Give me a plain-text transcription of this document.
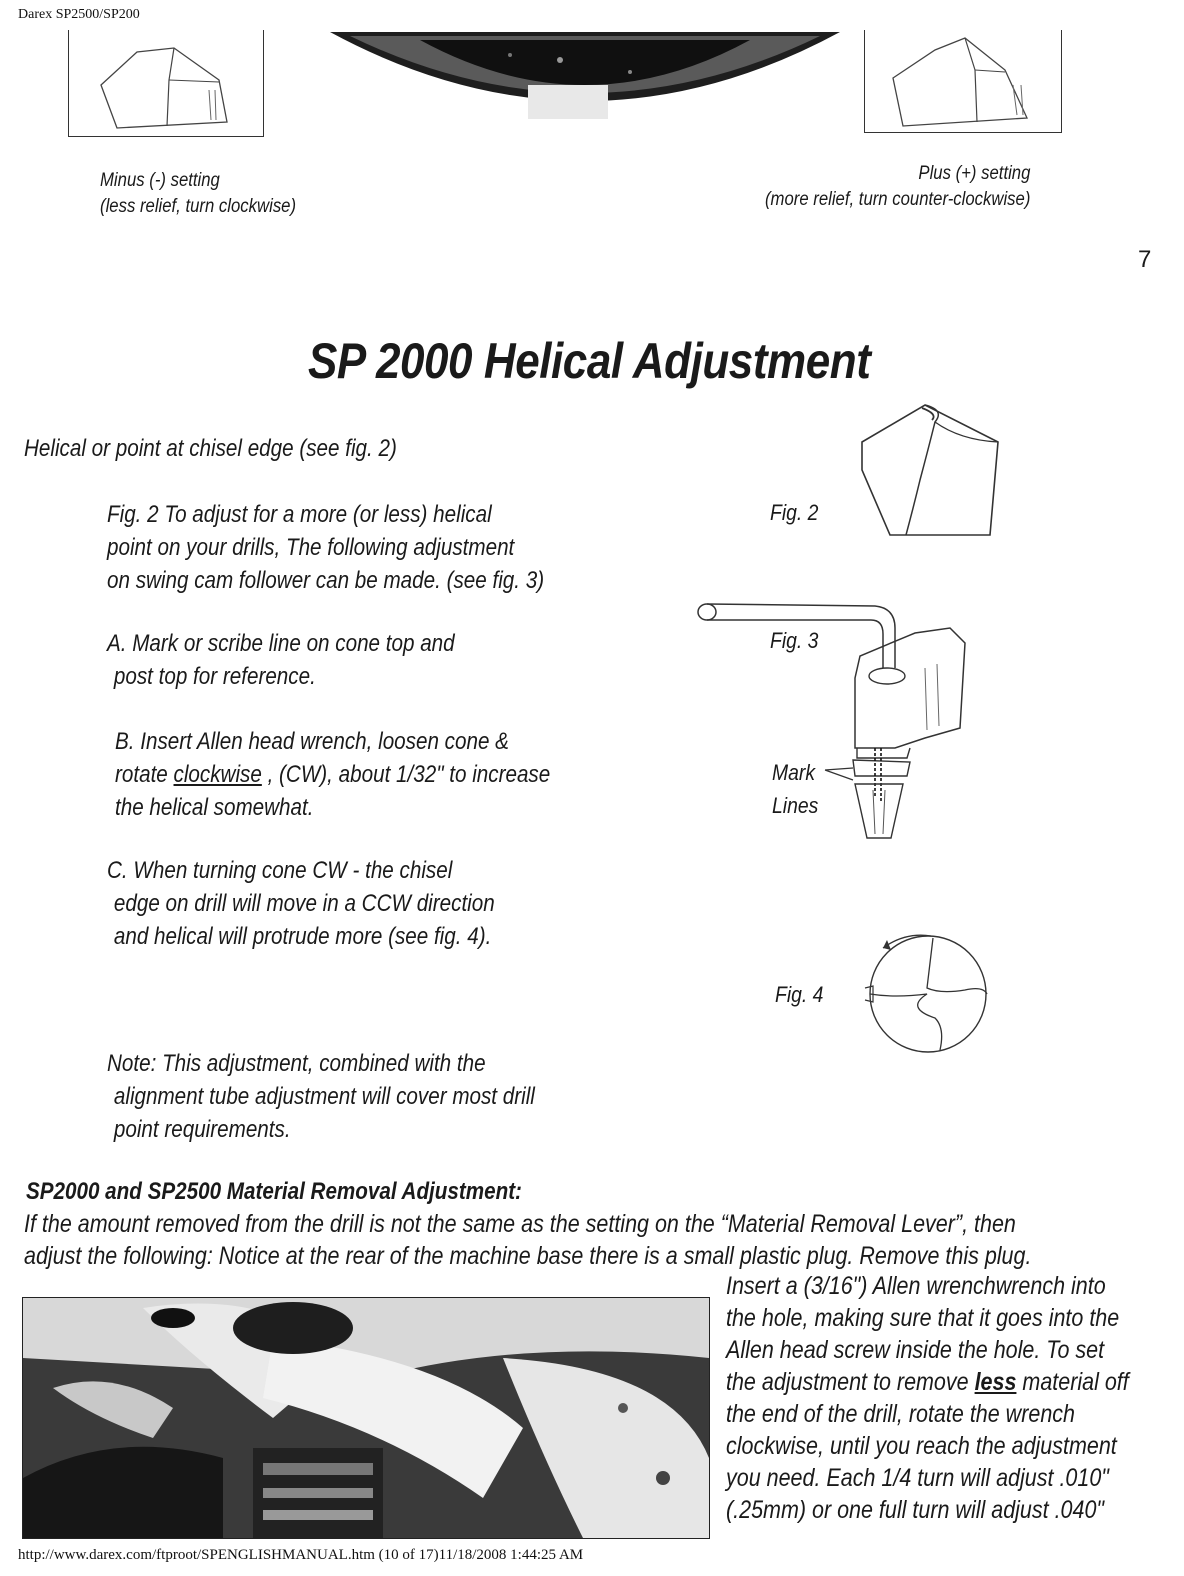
Darex SP2500/SP200
Minus (-) setting
(less relief, turn clockwise)
Plus (+) setting
(more relief, turn counter-clockwise)
7
SP 2000 Helical Adjustment
Helical or point at chisel edge (see fig. 2)
Fig. 2 To adjust for a more (or less) helical
point on your drills, The following adjustment
on swing cam follower can be made. (see fig. 3)
A. Mark or scribe line on cone top and
post top for reference.
B. Insert Allen head wrench, loosen cone &
rotate clockwise , (CW), about 1/32" to increase
the helical somewhat.
C. When turning cone CW - the chisel
edge on drill will move in a CCW direction
and helical will protrude more (see fig. 4).
Note: This adjustment, combined with the
alignment tube adjustment will cover most drill
point requirements.
Fig. 2
Fig. 3
Mark
Lines
Fig. 4
SP2000 and SP2500 Material Removal Adjustment:
If the amount removed from the drill is not the same as the setting on the “Material Removal Lever”, then
adjust the following: Notice at the rear of the machine base there is a small plastic plug. Remove this plug.
Insert a (3/16") Allen wrenchwrench into
the hole, making sure that it goes into the
Allen head screw inside the hole. To set
the adjustment to remove less material off
the end of the drill, rotate the wrench
clockwise, until you reach the adjustment
you need. Each 1/4 turn will adjust .010"
(.25mm) or one full turn will adjust .040"
http://www.darex.com/ftproot/SPENGLISHMANUAL.htm (10 of 17)11/18/2008 1:44:25 AM
